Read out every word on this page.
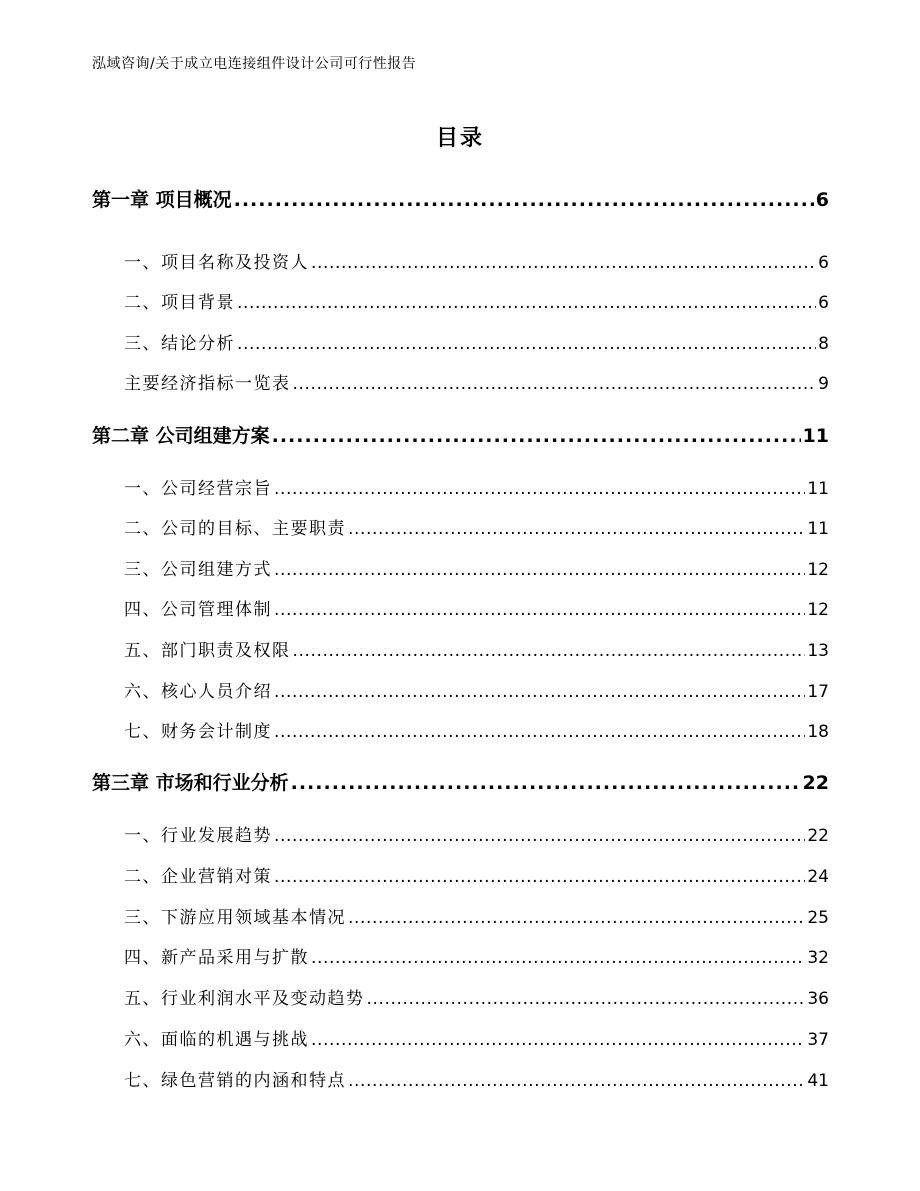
泓域咨询/关于成立电连接组件设计公司可行性报告
目录
第一章 项目概况 .....	6
一、 项目名称及投资人 .....	6
二、 项目背景 .....	6
三、 结论分析 .....	8
主要经济指标一览表 .....	9
第二章 公司组建方案 .....	11
一、 公司经营宗旨 .....	11
二、 公司的目标、主要职责 .....	11
三、 公司组建方式 .....	12
四、 公司管理体制 .....	12
五、 部门职责及权限 .....	13
六、 核心人员介绍 .....	17
七、 财务会计制度 .....	18
第三章 市场和行业分析 .....	22
一、 行业发展趋势 .....	22
二、 企业营销对策 .....	24
三、 下游应用领域基本情况 .....	25
四、 新产品采用与扩散 .....	32
五、 行业利润水平及变动趋势 .....	36
六、 面临的机遇与挑战 .....	37
七、 绿色营销的内涵和特点 .....	41
